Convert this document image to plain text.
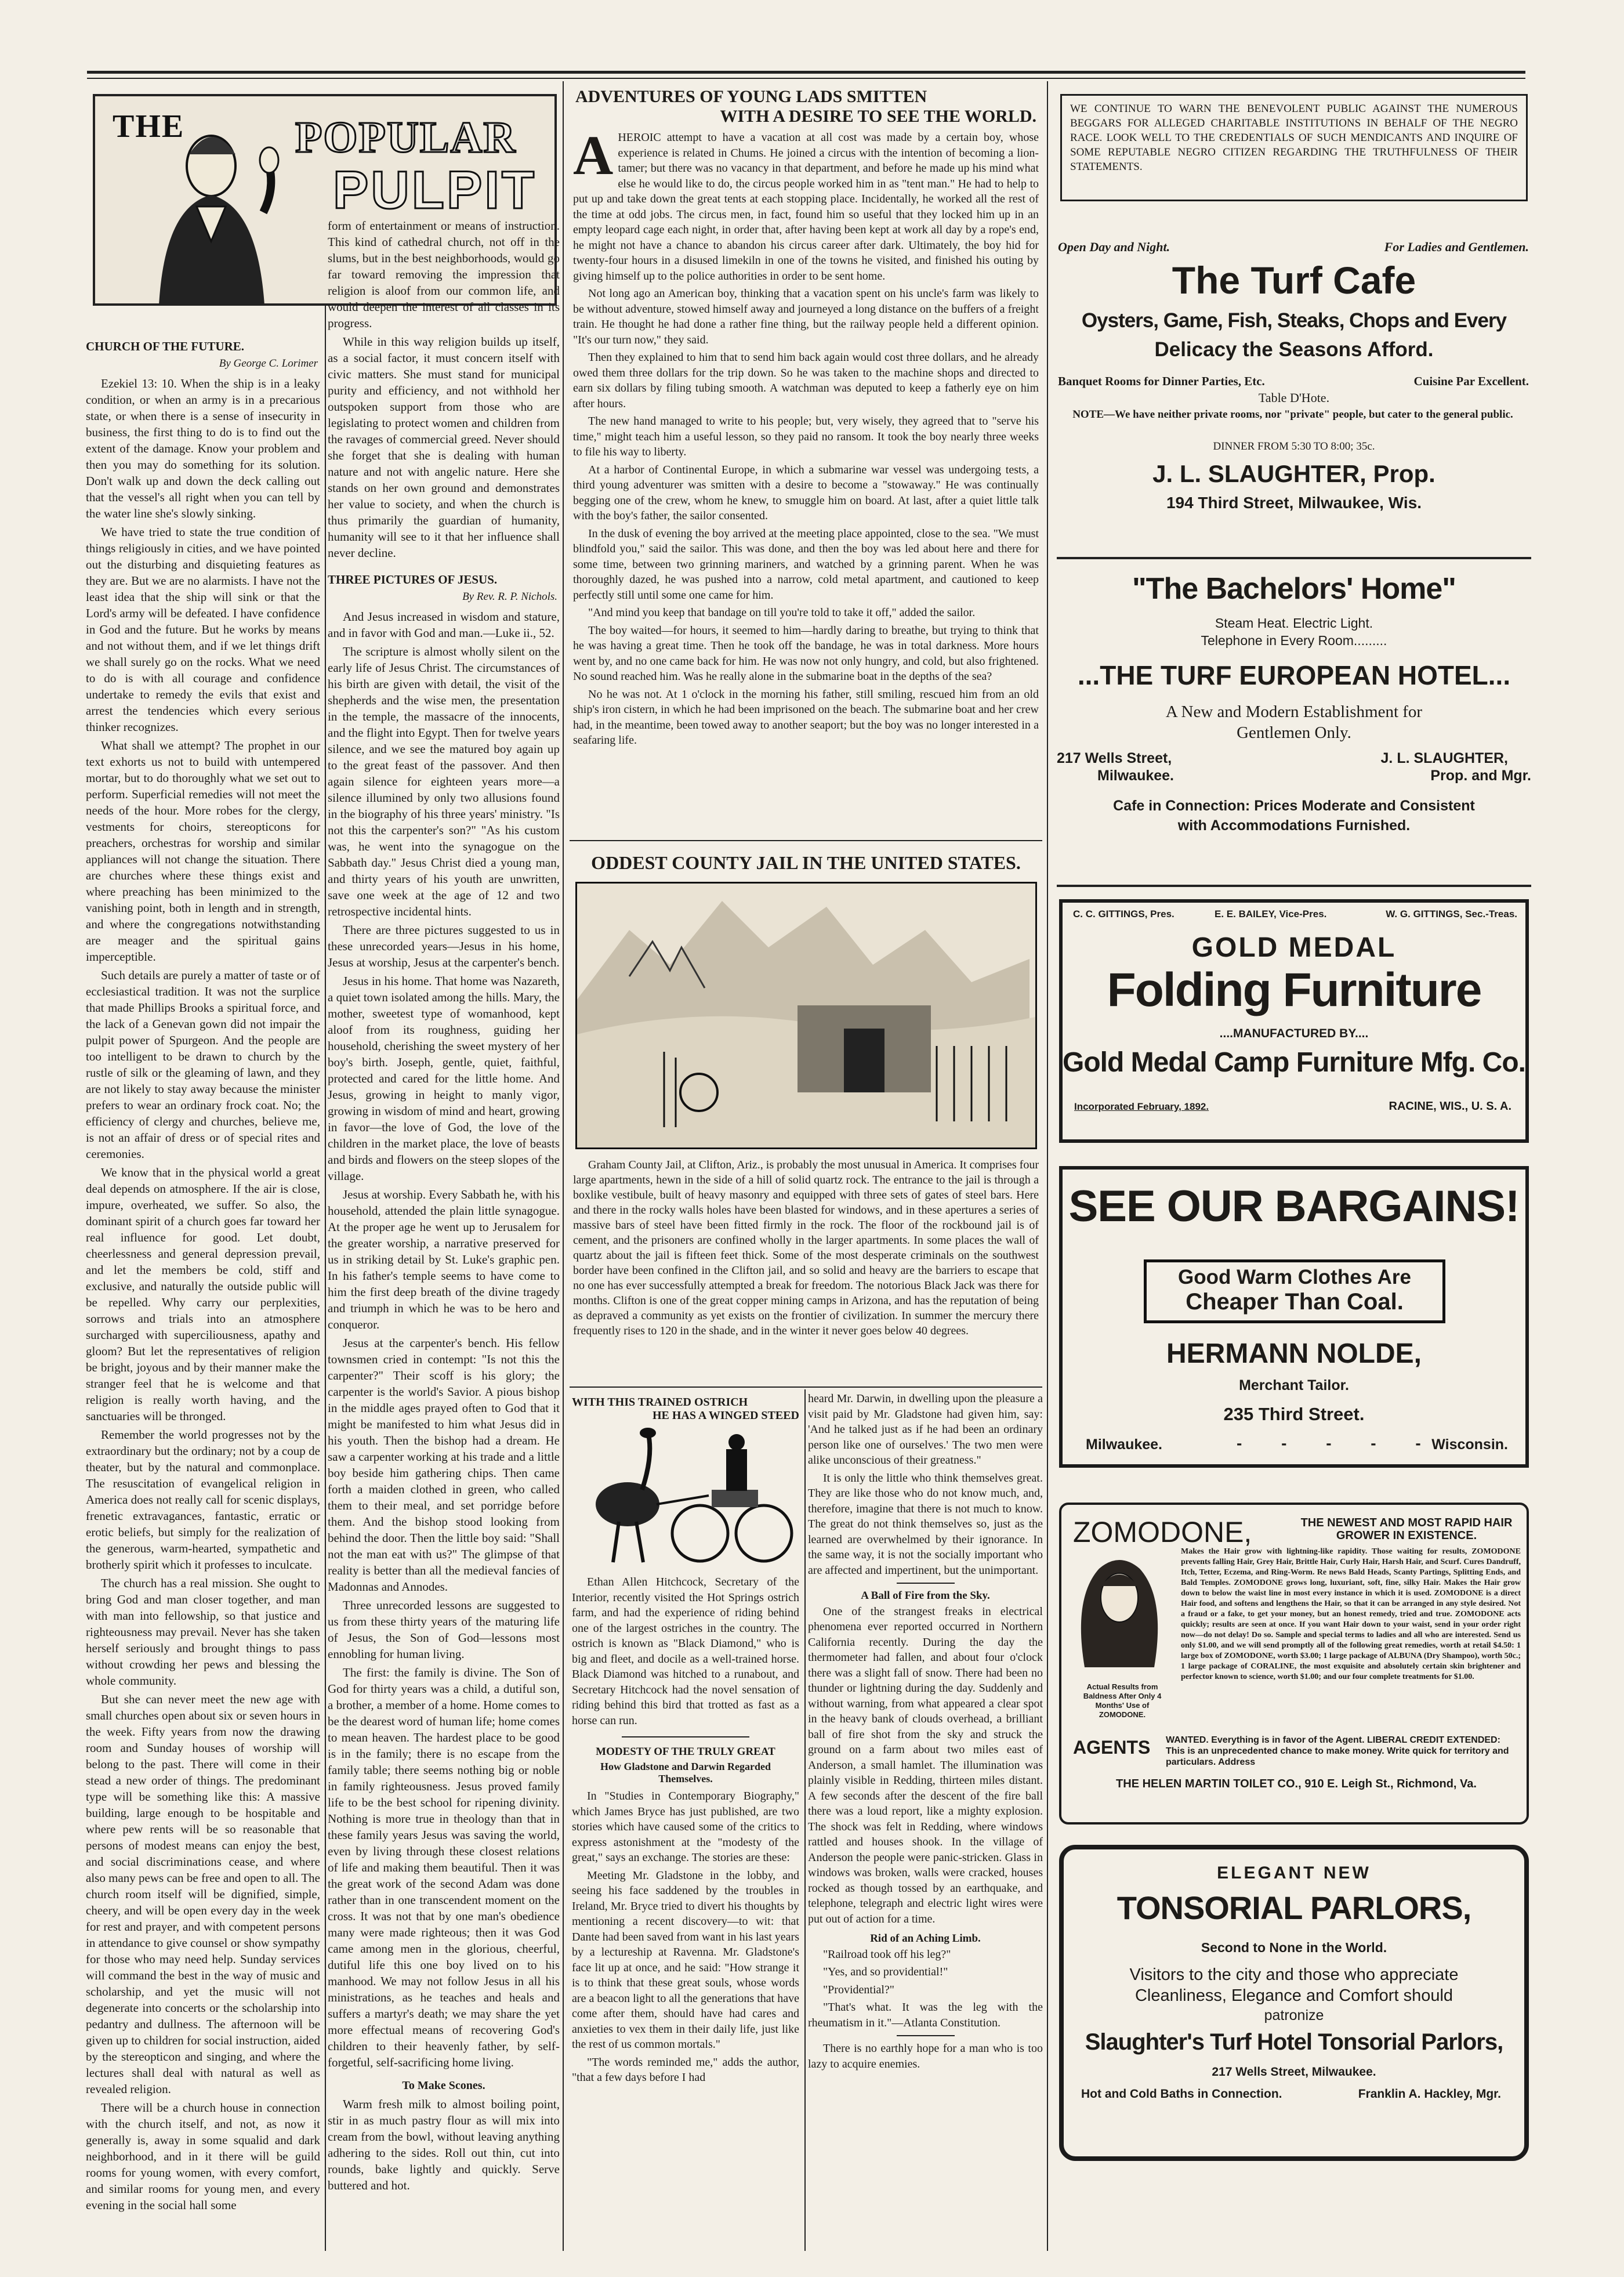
THE	POPULAR
PULPIT
CHURCH OF THE FUTURE.
By George C. Lorimer

Ezekiel 13: 10. When the ship is in a leaky condition, or when an army is in a precarious state, or when there is a sense of insecurity in business, the first thing to do is to find out the extent of the damage. Know your problem and then you may do something for its solution. Don't walk up and down the deck calling out that the vessel's all right when you can tell by the water line she's slowly sinking.

We have tried to state the true condition of things religiously in cities, and we have pointed out the disturbing and disquieting features as they are. But we are no alarmists. I have not the least idea that the ship will sink or that the Lord's army will be defeated. I have confidence in God and the future. But he works by means and not without them, and if we let things drift we shall surely go on the rocks. What we need to do is with all courage and confidence undertake to remedy the evils that exist and arrest the tendencies which every serious thinker recognizes.

What shall we attempt? The prophet in our text exhorts us not to build with untempered mortar, but to do thoroughly what we set out to perform. Superficial remedies will not meet the needs of the hour. More robes for the clergy, vestments for choirs, stereopticons for preachers, orchestras for worship and similar appliances will not change the situation. There are churches where these things exist and where preaching has been minimized to the vanishing point, both in length and in strength, and where the congregations notwithstanding are meager and the spiritual gains imperceptible.

Such details are purely a matter of taste or of ecclesiastical tradition. It was not the surplice that made Phillips Brooks a spiritual force, and the lack of a Genevan gown did not impair the pulpit power of Spurgeon. And the people are too intelligent to be drawn to church by the rustle of silk or the gleaming of lawn, and they are not likely to stay away because the minister prefers to wear an ordinary frock coat. No; the efficiency of clergy and churches, believe me, is not an affair of dress or of special rites and ceremonies.

We know that in the physical world a great deal depends on atmosphere. If the air is close, impure, overheated, we suffer. So also, the dominant spirit of a church goes far toward her real influence for good. Let doubt, cheerlessness and general depression prevail, and let the members be cold, stiff and exclusive, and naturally the outside public will be repelled. Why carry our perplexities, sorrows and trials into an atmosphere surcharged with superciliousness, apathy and gloom? But let the representatives of religion be bright, joyous and by their manner make the stranger feel that he is welcome and that religion is really worth having, and the sanctuaries will be thronged.

Remember the world progresses not by the extraordinary but the ordinary; not by a coup de theater, but by the natural and commonplace. The resuscitation of evangelical religion in America does not really call for scenic displays, frenetic extravagances, fantastic, erratic or erotic beliefs, but simply for the realization of the generous, warm-hearted, sympathetic and brotherly spirit which it professes to inculcate.

The church has a real mission. She ought to bring God and man closer together, and man with man into fellowship, so that justice and righteousness may prevail. Never has she taken herself seriously and brought things to pass without crowding her pews and blessing the whole community.

But she can never meet the new age with small churches open about six or seven hours in the week. Fifty years from now the drawing room and Sunday houses of worship will belong to the past. There will come in their stead a new order of things. The predominant type will be something like this: A massive building, large enough to be hospitable and where pew rents will be so reasonable that persons of modest means can enjoy the best, and social discriminations cease, and where also many pews can be free and open to all. The church room itself will be dignified, simple, cheery, and will be open every day in the week for rest and prayer, and with competent persons in attendance to give counsel or show sympathy for those who may need help. Sunday services will command the best in the way of music and scholarship, and yet the music will not degenerate into concerts or the scholarship into pedantry and dullness. The afternoon will be given up to children for social instruction, aided by the stereopticon and singing, and where the lectures shall deal with natural as well as revealed religion.

There will be a church house in connection with the church itself, and not, as now it generally is, away in some squalid and dark neighborhood, and in it there will be guild rooms for young women, with every comfort, and similar rooms for young men, and every evening in the social hall some

form of entertainment or means of instruction. This kind of cathedral church, not off in the slums, but in the best neighborhoods, would go far toward removing the impression that religion is aloof from our common life, and would deepen the interest of all classes in its progress.

While in this way religion builds up itself, as a social factor, it must concern itself with civic matters. She must stand for municipal purity and efficiency, and not withhold her outspoken support from those who are legislating to protect women and children from the ravages of commercial greed. Never should she forget that she is dealing with human nature and not with angelic nature. Here she stands on her own ground and demonstrates her value to society, and when the church is thus primarily the guardian of humanity, humanity will see to it that her influence shall never decline.

THREE PICTURES OF JESUS.
By Rev. R. P. Nichols.

And Jesus increased in wisdom and stature, and in favor with God and man.—Luke ii., 52.

The scripture is almost wholly silent on the early life of Jesus Christ. The circumstances of his birth are given with detail, the visit of the shepherds and the wise men, the presentation in the temple, the massacre of the innocents, and the flight into Egypt. Then for twelve years silence, and we see the matured boy again up to the great feast of the passover. And then again silence for eighteen years more—a silence illumined by only two allusions found in the biography of his three years' ministry. "Is not this the carpenter's son?" "As his custom was, he went into the synagogue on the Sabbath day." Jesus Christ died a young man, and thirty years of his youth are unwritten, save one week at the age of 12 and two retrospective incidental hints.

There are three pictures suggested to us in these unrecorded years—Jesus in his home, Jesus at worship, Jesus at the carpenter's bench.

Jesus in his home. That home was Nazareth, a quiet town isolated among the hills. Mary, the mother, sweetest type of womanhood, kept aloof from its roughness, guiding her household, cherishing the sweet mystery of her boy's birth. Joseph, gentle, quiet, faithful, protected and cared for the little home. And Jesus, growing in height to manly vigor, growing in wisdom of mind and heart, growing in favor—the love of God, the love of the children in the market place, the love of beasts and birds and flowers on the steep slopes of the village.

Jesus at worship. Every Sabbath he, with his household, attended the plain little synagogue. At the proper age he went up to Jerusalem for the greater worship, a narrative preserved for us in striking detail by St. Luke's graphic pen. In his father's temple seems to have come to him the first deep breath of the divine tragedy and triumph in which he was to be hero and conqueror.

Jesus at the carpenter's bench. His fellow townsmen cried in contempt: "Is not this the carpenter?" Their scoff is his glory; the carpenter is the world's Savior. A pious bishop in the middle ages prayed often to God that it might be manifested to him what Jesus did in his youth. Then the bishop had a dream. He saw a carpenter working at his trade and a little boy beside him gathering chips. Then came forth a maiden clothed in green, who called them to their meal, and set porridge before them. And the bishop stood looking from behind the door. Then the little boy said: "Shall not the man eat with us?" The glimpse of that reality is better than all the medieval fancies of Madonnas and Annodes.

Three unrecorded lessons are suggested to us from these thirty years of the maturing life of Jesus, the Son of God—lessons most ennobling for human living.

The first: the family is divine. The Son of God for thirty years was a child, a dutiful son, a brother, a member of a home. Home comes to be the dearest word of human life; home comes to mean heaven. The hardest place to be good is in the family; there is no escape from the family table; there seems nothing big or noble in family righteousness. Jesus proved family life to be the best school for ripening divinity. Nothing is more true in theology than that in these family years Jesus was saving the world, even by living through these closest relations of life and making them beautiful. Then it was the great work of the second Adam was done rather than in one transcendent moment on the cross. It was not that by one man's obedience many were made righteous; then it was God came among men in the glorious, cheerful, dutiful life this one boy lived on to his manhood. We may not follow Jesus in all his ministrations, as he teaches and heals and suffers a martyr's death; we may share the yet more effectual means of recovering God's children to their heavenly father, by self-forgetful, self-sacrificing home living.

To Make Scones.

Warm fresh milk to almost boiling point, stir in as much pastry flour as will mix into cream from the bowl, without leaving anything adhering to the sides. Roll out thin, cut into rounds, bake lightly and quickly. Serve buttered and hot.

ADVENTURES OF YOUNG LADS SMITTEN
WITH A DESIRE TO SEE THE WORLD.
A HEROIC attempt to have a vacation at all cost was made by a certain boy, whose experience is related in Chums. He joined a circus with the intention of becoming a lion-tamer; but there was no vacancy in that department, and before he made up his mind what else he would like to do, the circus people worked him in as "tent man." He had to help to put up and take down the great tents at each stopping place. Incidentally, he worked all the rest of the time at odd jobs. The circus men, in fact, found him so useful that they locked him up in an empty leopard cage each night, in order that, after having been kept at work all day by a rope's end, he might not have a chance to abandon his circus career after dark. Ultimately, the boy hid for twenty-four hours in a disused limekiln in one of the towns he visited, and finished his outing by giving himself up to the police authorities in order to be sent home.

Not long ago an American boy, thinking that a vacation spent on his uncle's farm was likely to be without adventure, stowed himself away and journeyed a long distance on the buffers of a freight train. He thought he had done a rather fine thing, but the railway people held a different opinion. "It's our turn now," they said.

Then they explained to him that to send him back again would cost three dollars, and he already owed them three dollars for the trip down. So he was taken to the machine shops and directed to earn six dollars by filing tubing smooth. A watchman was deputed to keep a fatherly eye on him after hours.

The new hand managed to write to his people; but, very wisely, they agreed that to "serve his time," might teach him a useful lesson, so they paid no ransom. It took the boy nearly three weeks to file his way to liberty.

At a harbor of Continental Europe, in which a submarine war vessel was undergoing tests, a third young adventurer was smitten with a desire to become a "stowaway." He was continually begging one of the crew, whom he knew, to smuggle him on board. At last, after a quiet little talk with the boy's father, the sailor consented.

In the dusk of evening the boy arrived at the meeting place appointed, close to the sea. "We must blindfold you," said the sailor. This was done, and then the boy was led about here and there for some time, between two grinning mariners, and watched by a grinning parent. When he was thoroughly dazed, he was pushed into a narrow, cold metal apartment, and cautioned to keep perfectly still until some one came for him.

"And mind you keep that bandage on till you're told to take it off," added the sailor.

The boy waited—for hours, it seemed to him—hardly daring to breathe, but trying to think that he was having a great time. Then he took off the bandage, he was in total darkness. More hours went by, and no one came back for him. He was now not only hungry, and cold, but also frightened. No sound reached him. Was he really alone in the submarine boat in the depths of the sea?

No he was not. At 1 o'clock in the morning his father, still smiling, rescued him from an old ship's iron cistern, in which he had been imprisoned on the beach. The submarine boat and her crew had, in the meantime, been towed away to another seaport; but the boy was no longer interested in a seafaring life.

ODDEST COUNTY JAIL IN THE UNITED STATES.
Graham County Jail, at Clifton, Ariz., is probably the most unusual in America. It comprises four large apartments, hewn in the side of a hill of solid quartz rock. The entrance to the jail is through a boxlike vestibule, built of heavy masonry and equipped with three sets of gates of steel bars. Here and there in the rocky walls holes have been blasted for windows, and in these apertures a series of massive bars of steel have been fitted firmly in the rock. The floor of the rockbound jail is of cement, and the prisoners are confined wholly in the larger apartments. In some places the wall of quartz about the jail is fifteen feet thick. Some of the most desperate criminals on the southwest border have been confined in the Clifton jail, and so solid and heavy are the barriers to escape that no one has ever successfully attempted a break for freedom. The notorious Black Jack was there for months. Clifton is one of the great copper mining camps in Arizona, and has the reputation of being as depraved a community as yet exists on the frontier of civilization. In summer the mercury there frequently rises to 120 in the shade, and in the winter it never goes below 40 degrees.
WITH THIS TRAINED OSTRICH
HE HAS A WINGED STEED
Ethan Allen Hitchcock, Secretary of the Interior, recently visited the Hot Springs ostrich farm, and had the experience of riding behind one of the largest ostriches in the country. The ostrich is known as "Black Diamond," who is big and fleet, and docile as a well-trained horse. Black Diamond was hitched to a runabout, and Secretary Hitchcock had the novel sensation of riding behind this bird that trotted as fast as a horse can run.
MODESTY OF THE TRULY GREAT
How Gladstone and Darwin Regarded Themselves.

In "Studies in Contemporary Biography," which James Bryce has just published, are two stories which have caused some of the critics to express astonishment at the "modesty of the great," says an exchange. The stories are these:

Meeting Mr. Gladstone in the lobby, and seeing his face saddened by the troubles in Ireland, Mr. Bryce tried to divert his thoughts by mentioning a recent discovery—to wit: that Dante had been saved from want in his last years by a lectureship at Ravenna. Mr. Gladstone's face lit up at once, and he said: "How strange it is to think that these great souls, whose words are a beacon light to all the generations that have come after them, should have had cares and anxieties to vex them in their daily life, just like the rest of us common mortals."

"The words reminded me," adds the author, "that a few days before I had

heard Mr. Darwin, in dwelling upon the pleasure a visit paid by Mr. Gladstone had given him, say: 'And he talked just as if he had been an ordinary person like one of ourselves.' The two men were alike unconscious of their greatness."

It is only the little who think themselves great. They are like those who do not know much, and, therefore, imagine that there is not much to know. The great do not think themselves so, just as the learned are overwhelmed by their ignorance. In the same way, it is not the socially important who are affected and impertinent, but the unimportant.

A Ball of Fire from the Sky.

One of the strangest freaks in electrical phenomena ever reported occurred in Northern California recently. During the day the thermometer had fallen, and about four o'clock there was a slight fall of snow. There had been no thunder or lightning during the day. Suddenly and without warning, from what appeared a clear spot in the heavy bank of clouds overhead, a brilliant ball of fire shot from the sky and struck the ground on a farm about two miles east of Anderson, a small hamlet. The illumination was plainly visible in Redding, thirteen miles distant. A few seconds after the descent of the fire ball there was a loud report, like a mighty explosion. The shock was felt in Redding, where windows rattled and houses shook. In the village of Anderson the people were panic-stricken. Glass in windows was broken, walls were cracked, houses rocked as though tossed by an earthquake, and telephone, telegraph and electric light wires were put out of action for a time.

Rid of an Aching Limb.

"Railroad took off his leg?"

"Yes, and so providential!"

"Providential?"

"That's what. It was the leg with the rheumatism in it."—Atlanta Constitution.

There is no earthly hope for a man who is too lazy to acquire enemies.

WE CONTINUE TO WARN THE BENEVOLENT PUBLIC AGAINST THE NUMEROUS BEGGARS FOR ALLEGED CHARITABLE INSTITUTIONS IN BEHALF OF THE NEGRO RACE. LOOK WELL TO THE CREDENTIALS OF SUCH MENDICANTS AND INQUIRE OF SOME REPUTABLE NEGRO CITIZEN REGARDING THE TRUTHFULNESS OF THEIR STATEMENTS.
Open Day and Night.	For Ladies and Gentlemen.
The Turf Cafe
Oysters, Game, Fish, Steaks, Chops and Every
Delicacy the Seasons Afford.
Banquet Rooms for Dinner Parties, Etc.	Cuisine Par Excellent.
Table D'Hote.
NOTE—We have neither private rooms, nor "private" people, but cater to the general public.
DINNER FROM 5:30 TO 8:00; 35c.
J. L. SLAUGHTER, Prop.
194 Third Street, Milwaukee, Wis.
"The Bachelors' Home"
Steam Heat. Electric Light.
Telephone in Every Room.........
...THE TURF EUROPEAN HOTEL...
A New and Modern Establishment for
Gentlemen Only.
217 Wells Street,
Milwaukee.
J. L. SLAUGHTER,
Prop. and Mgr.
Cafe in Connection: Prices Moderate and Consistent
with Accommodations Furnished.
C. C. GITTINGS, Pres.	E. E. BAILEY, Vice-Pres.	W. G. GITTINGS, Sec.-Treas.
GOLD MEDAL
Folding Furniture
....MANUFACTURED BY....
Gold Medal Camp Furniture Mfg. Co.
Incorporated February, 1892.	RACINE, WIS., U. S. A.
SEE OUR BARGAINS!
Good Warm Clothes Are
Cheaper Than Coal.
HERMANN NOLDE,
Merchant Tailor.
235 Third Street.
Milwaukee.	- - - - -
Wisconsin.
ZOMODONE,	THE NEWEST AND MOST RAPID HAIR GROWER IN EXISTENCE.
Actual Results from Baldness After Only 4 Months' Use of ZOMODONE.
Makes the Hair grow with lightning-like rapidity. Those waiting for results, ZOMODONE prevents falling Hair, Grey Hair, Brittle Hair, Curly Hair, Harsh Hair, and Scurf. Cures Dandruff, Itch, Tetter, Eczema, and Ring-Worm. Re news Bald Heads, Scanty Partings, Splitting Ends, and Bald Temples. ZOMODONE grows long, luxuriant, soft, fine, silky Hair. Makes the Hair grow down to below the waist line in most every instance in which it is used. ZOMODONE is a direct Hair food, and softens and lengthens the Hair, so that it can be arranged in any style desired. Not a fraud or a fake, to get your money, but an honest remedy, tried and true. ZOMODONE acts quickly; results are seen at once. If you want Hair down to your waist, send in your order right now—do not delay! Do so. Sample and special terms to ladies and all who are interested. Send us only $1.00, and we will send promptly all of the following great remedies, worth at retail $4.50: 1 large box of ZOMODONE, worth $3.00; 1 large package of ALBUNA (Dry Shampoo), worth 50c.; 1 large package of CORALINE, the most exquisite and absolutely certain skin brightener and perfector known to science, worth $1.00; and our four complete treatments for $1.00.
AGENTS WANTED. Everything is in favor of the Agent. LIBERAL CREDIT EXTENDED: This is an unprecedented chance to make money. Write quick for territory and particulars. Address
THE HELEN MARTIN TOILET CO., 910 E. Leigh St., Richmond, Va.
ELEGANT NEW
TONSORIAL PARLORS,
Second to None in the World.
Visitors to the city and those who appreciate
Cleanliness, Elegance and Comfort should
patronize
Slaughter's Turf Hotel Tonsorial Parlors,
217 Wells Street, Milwaukee.
Hot and Cold Baths in Connection.	Franklin A. Hackley, Mgr.
